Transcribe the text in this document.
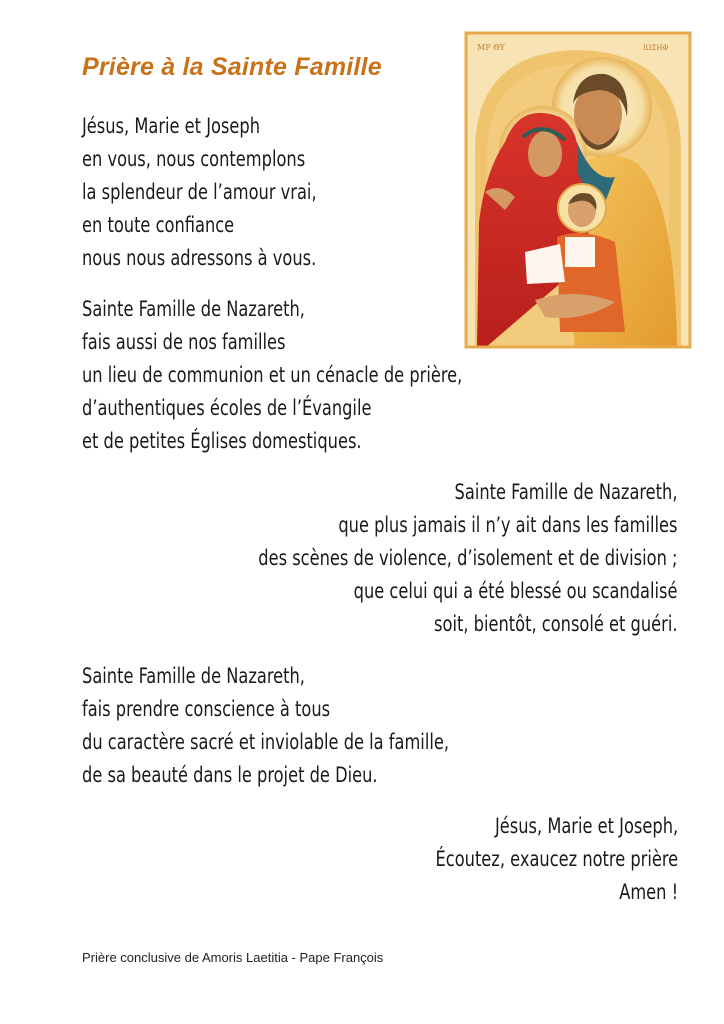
Prière à la Sainte Famille
Jésus, Marie et Joseph
en vous, nous contemplons
la splendeur de l’amour vrai,
en toute confiance
nous nous adressons à vous.
Sainte Famille de Nazareth,
fais aussi de nos familles
un lieu de communion et un cénacle de prière,
d’authentiques écoles de l’Évangile
et de petites Églises domestiques.
Sainte Famille de Nazareth,
que plus jamais il n’y ait dans les familles
des scènes de violence, d’isolement et de division ;
que celui qui a été blessé ou scandalisé
soit, bientôt, consolé et guéri.
Sainte Famille de Nazareth,
fais prendre conscience à tous
du caractère sacré et inviolable de la famille,
de sa beauté dans le projet de Dieu.
Jésus, Marie et Joseph,
Écoutez, exaucez notre prière
Amen !
ΜΡ ΘΥ	ΙΩΣΗΦ
Prière conclusive de Amoris Laetitia - Pape François
